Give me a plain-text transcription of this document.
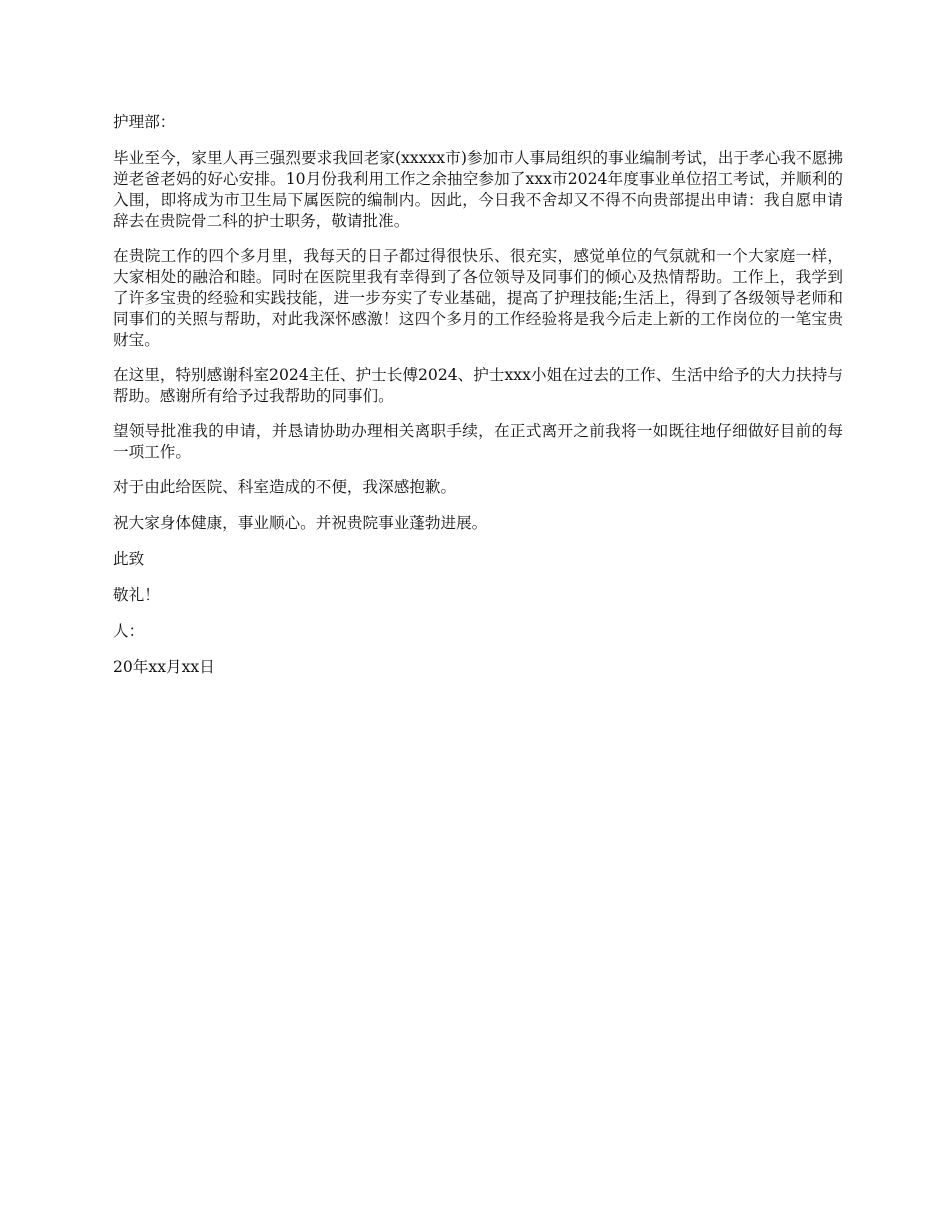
护理部：

毕业至今，家里人再三强烈要求我回老家(xxxxx市)参加市人事局组织的事业编制考试，出于孝心我不愿拂逆老爸老妈的好心安排。10月份我利用工作之余抽空参加了xxx市2024年度事业单位招工考试，并顺利的入围，即将成为市卫生局下属医院的编制内。因此，今日我不舍却又不得不向贵部提出申请：我自愿申请辞去在贵院骨二科的护士职务，敬请批准。

在贵院工作的四个多月里，我每天的日子都过得很快乐、很充实，感觉单位的气氛就和一个大家庭一样，大家相处的融洽和睦。同时在医院里我有幸得到了各位领导及同事们的倾心及热情帮助。工作上，我学到了许多宝贵的经验和实践技能，进一步夯实了专业基础，提高了护理技能;生活上，得到了各级领导老师和同事们的关照与帮助，对此我深怀感激！这四个多月的工作经验将是我今后走上新的工作岗位的一笔宝贵财宝。

在这里，特别感谢科室2024主任、护士长傅2024、护士xxx小姐在过去的工作、生活中给予的大力扶持与帮助。感谢所有给予过我帮助的同事们。

望领导批准我的申请，并恳请协助办理相关离职手续，在正式离开之前我将一如既往地仔细做好目前的每一项工作。

对于由此给医院、科室造成的不便，我深感抱歉。

祝大家身体健康，事业顺心。并祝贵院事业蓬勃进展。

此致

敬礼！

人：

20年xx月xx日
